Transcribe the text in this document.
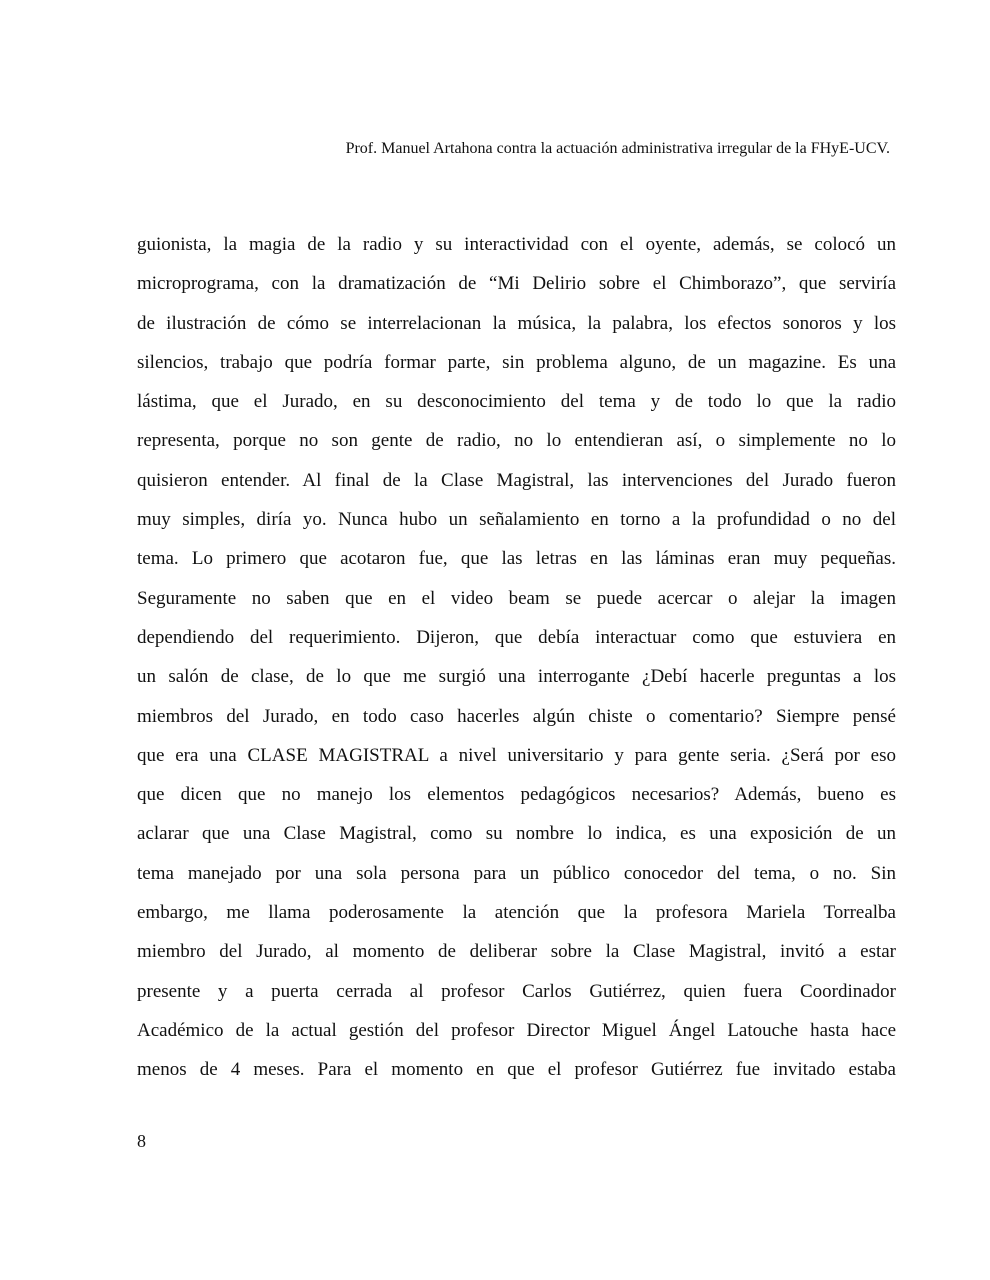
Prof. Manuel Artahona contra la actuación administrativa irregular de la FHyE-UCV.
guionista, la magia de la radio y su interactividad con el oyente, además, se colocó un
microprograma, con la dramatización de “Mi Delirio sobre el Chimborazo”, que serviría
de ilustración de cómo se interrelacionan la música, la palabra, los efectos sonoros y los
silencios, trabajo que podría formar parte, sin problema alguno, de un magazine. Es una
lástima, que el Jurado, en su desconocimiento del tema y de todo lo que la radio
representa, porque no son gente de radio, no lo entendieran así, o simplemente no lo
quisieron entender. Al final de la Clase Magistral, las intervenciones del Jurado fueron
muy simples, diría yo. Nunca hubo un señalamiento en torno a la profundidad o no del
tema. Lo primero que acotaron fue, que las letras en las láminas eran muy pequeñas.
Seguramente no saben que en el video beam se puede acercar o alejar la imagen
dependiendo del requerimiento. Dijeron, que debía interactuar como que estuviera en
un salón de clase, de lo que me surgió una interrogante ¿Debí hacerle preguntas a los
miembros del Jurado, en todo caso hacerles algún chiste o comentario? Siempre pensé
que era una CLASE MAGISTRAL a nivel universitario y para gente seria. ¿Será por eso
que dicen que no manejo los elementos pedagógicos necesarios? Además, bueno es
aclarar que una Clase Magistral, como su nombre lo indica, es una exposición de un
tema manejado por una sola persona para un público conocedor del tema, o no. Sin
embargo, me llama poderosamente la atención que la profesora Mariela Torrealba
miembro del Jurado, al momento de deliberar sobre la Clase Magistral, invitó a estar
presente y a puerta cerrada al profesor Carlos Gutiérrez, quien fuera Coordinador
Académico de la actual gestión del profesor Director Miguel Ángel Latouche hasta hace
menos de 4 meses. Para el momento en que el profesor Gutiérrez fue invitado estaba
8
